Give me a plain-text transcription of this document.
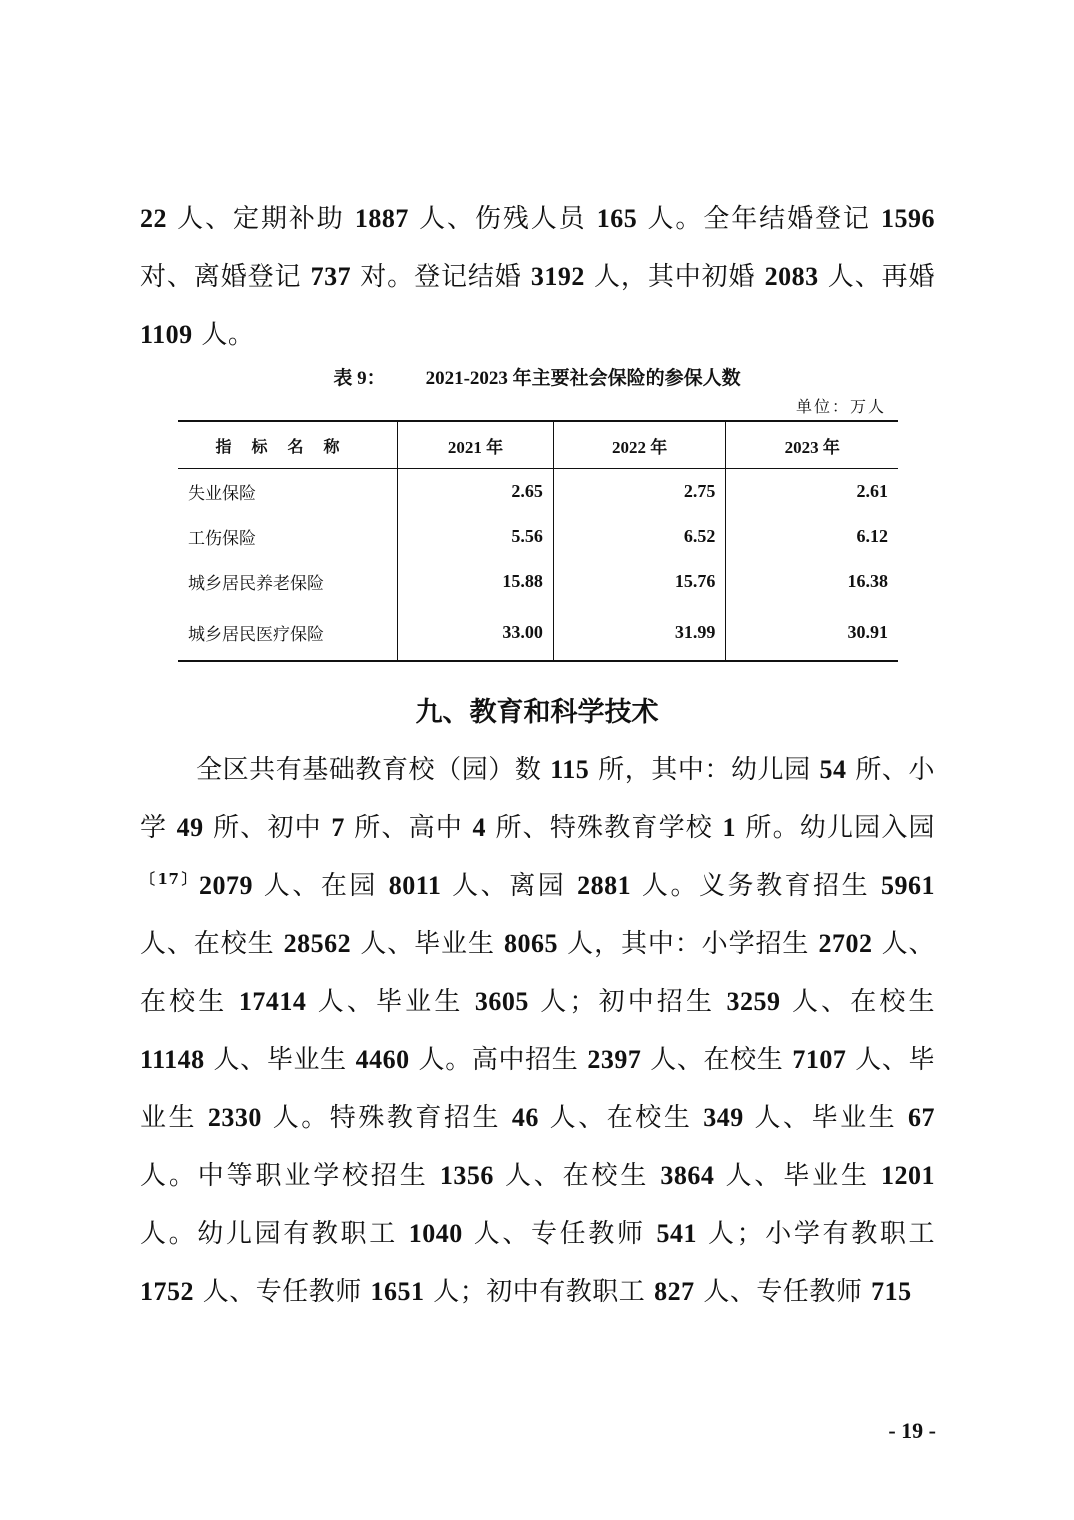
22 人、定期补助 1887 人、伤残人员 165 人。全年结婚登记 1596 对、离婚登记 737 对。登记结婚 3192 人，其中初婚 2083 人、再婚 1109 人。
表 9： 2021-2023 年主要社会保险的参保人数
单位：万人
指标名称	2021 年	2022 年	2023 年
失业保险	2.65	2.75	2.61
工伤保险	5.56	6.52	6.12
城乡居民养老保险	15.88	15.76	16.38
城乡居民医疗保险	33.00	31.99	30.91
九、教育和科学技术
全区共有基础教育校（园）数 115 所，其中：幼儿园 54 所、小学 49 所、初中 7 所、高中 4 所、特殊教育学校 1 所。幼儿园入园$^{〔17〕}$2079 人、在园 8011 人、离园 2881 人。义务教育招生 5961 人、在校生 28562 人、毕业生 8065 人，其中：小学招生 2702 人、在校生 17414 人、毕业生 3605 人；初中招生 3259 人、在校生 11148 人、毕业生 4460 人。高中招生 2397 人、在校生 7107 人、毕业生 2330 人。特殊教育招生 46 人、在校生 349 人、毕业生 67 人。中等职业学校招生 1356 人、在校生 3864 人、毕业生 1201 人。幼儿园有教职工 1040 人、专任教师 541 人；小学有教职工 1752 人、专任教师 1651 人；初中有教职工 827 人、专任教师 715
- 19 -
